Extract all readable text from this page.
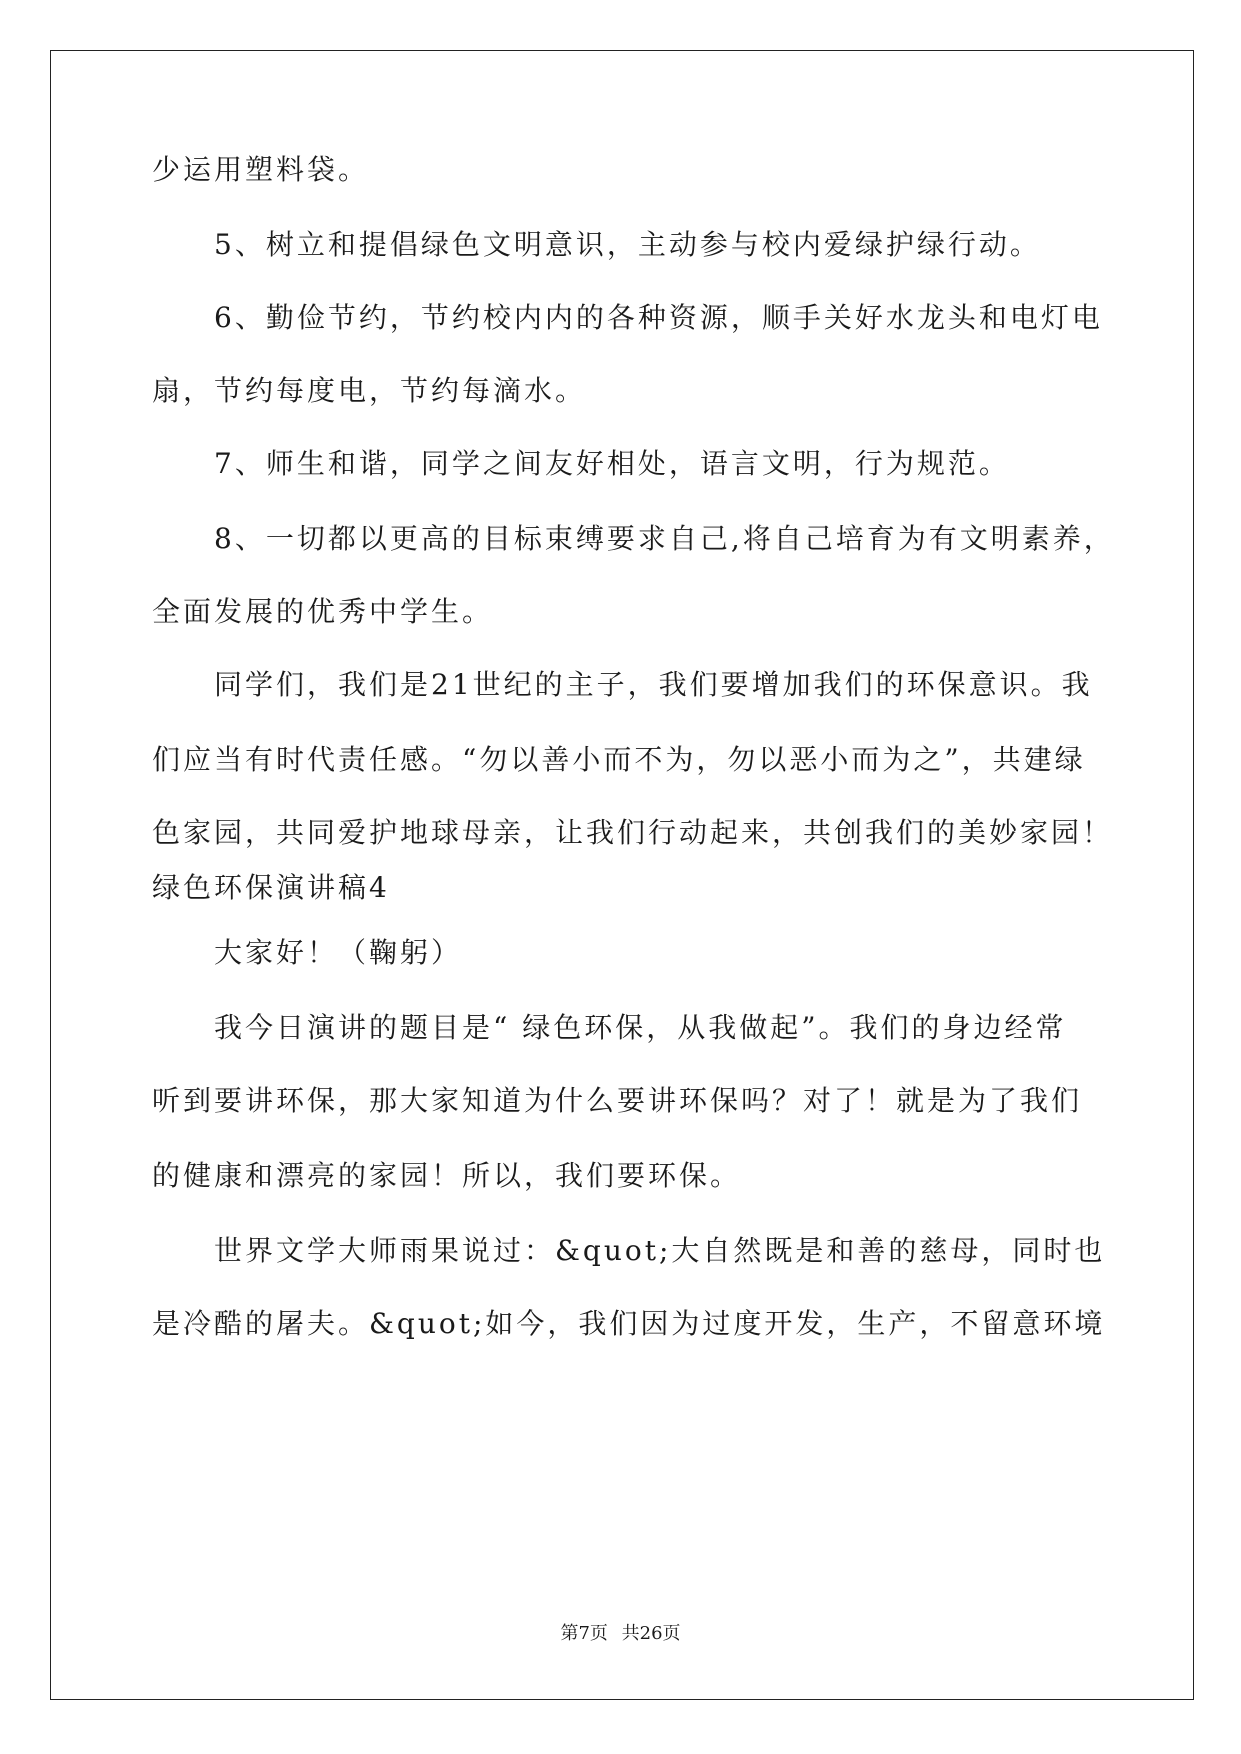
少运用塑料袋。
5、树立和提倡绿色文明意识，主动参与校内爱绿护绿行动。
6、勤俭节约，节约校内内的各种资源，顺手关好水龙头和电灯电
扇，节约每度电，节约每滴水。
7、师生和谐，同学之间友好相处，语言文明，行为规范。
8、一切都以更高的目标束缚要求自己,将自己培育为有文明素养，
全面发展的优秀中学生。
同学们，我们是21世纪的主子，我们要增加我们的环保意识。我
们应当有时代责任感。“勿以善小而不为，勿以恶小而为之”，共建绿
色家园，共同爱护地球母亲，让我们行动起来，共创我们的美妙家园！
绿色环保演讲稿4
大家好！（鞠躬）
我今日演讲的题目是“ 绿色环保，从我做起”。我们的身边经常
听到要讲环保，那大家知道为什么要讲环保吗？对了！就是为了我们
的健康和漂亮的家园！所以，我们要环保。
世界文学大师雨果说过：&quot;大自然既是和善的慈母，同时也
是冷酷的屠夫。&quot;如今，我们因为过度开发，生产，不留意环境
第7页 共26页
